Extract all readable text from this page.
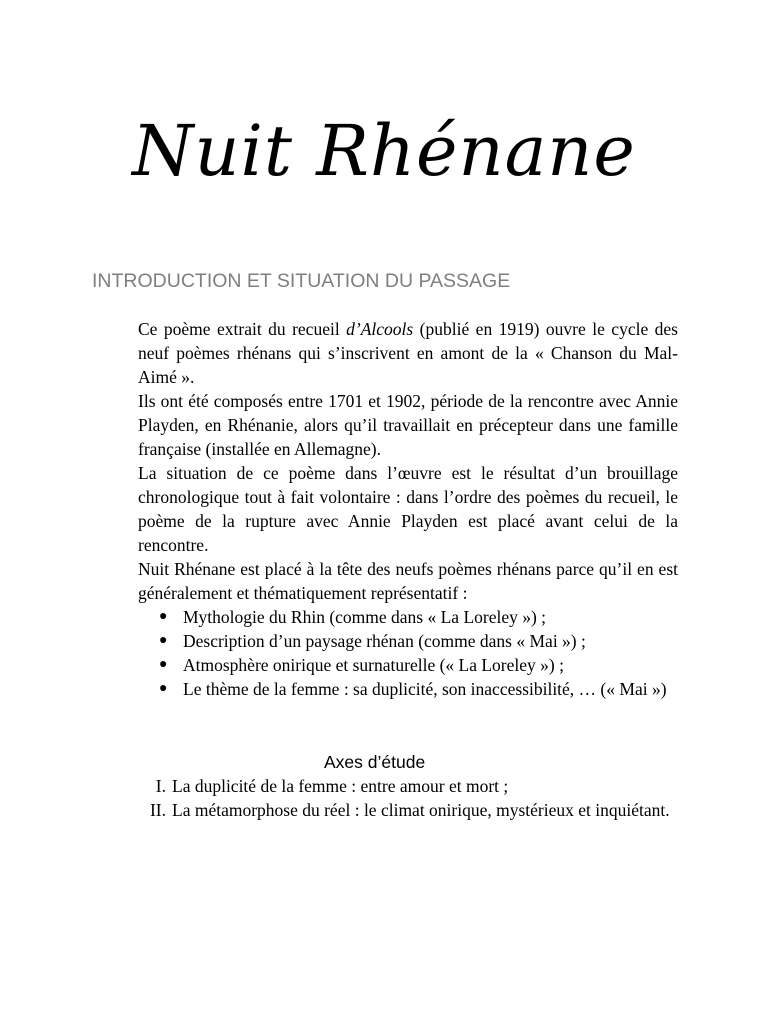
Nuit Rhénane
INTRODUCTION ET SITUATION DU PASSAGE

Ce poème extrait du recueil d’Alcools (publié en 1919) ouvre le cycle des neuf poèmes rhénans qui s’inscrivent en amont de la « Chanson du Mal-Aimé ».

Ils ont été composés entre 1701 et 1902, période de la rencontre avec Annie Playden, en Rhénanie, alors qu’il travaillait en précepteur dans une famille française (installée en Allemagne).

La situation de ce poème dans l’œuvre est le résultat d’un brouillage chronologique tout à fait volontaire : dans l’ordre des poèmes du recueil, le poème de la rupture avec Annie Playden est placé avant celui de la rencontre.

Nuit Rhénane est placé à la tête des neufs poèmes rhénans parce qu’il en est généralement et thématiquement représentatif :

● Mythologie du Rhin (comme dans « La Loreley ») ;
● Description d’un paysage rhénan (comme dans « Mai ») ;
● Atmosphère onirique et surnaturelle (« La Loreley ») ;
● Le thème de la femme : sa duplicité, son inaccessibilité, … (« Mai »)
Axes d’étude
I. La duplicité de la femme : entre amour et mort ;
II. La métamorphose du réel : le climat onirique, mystérieux et inquiétant.
